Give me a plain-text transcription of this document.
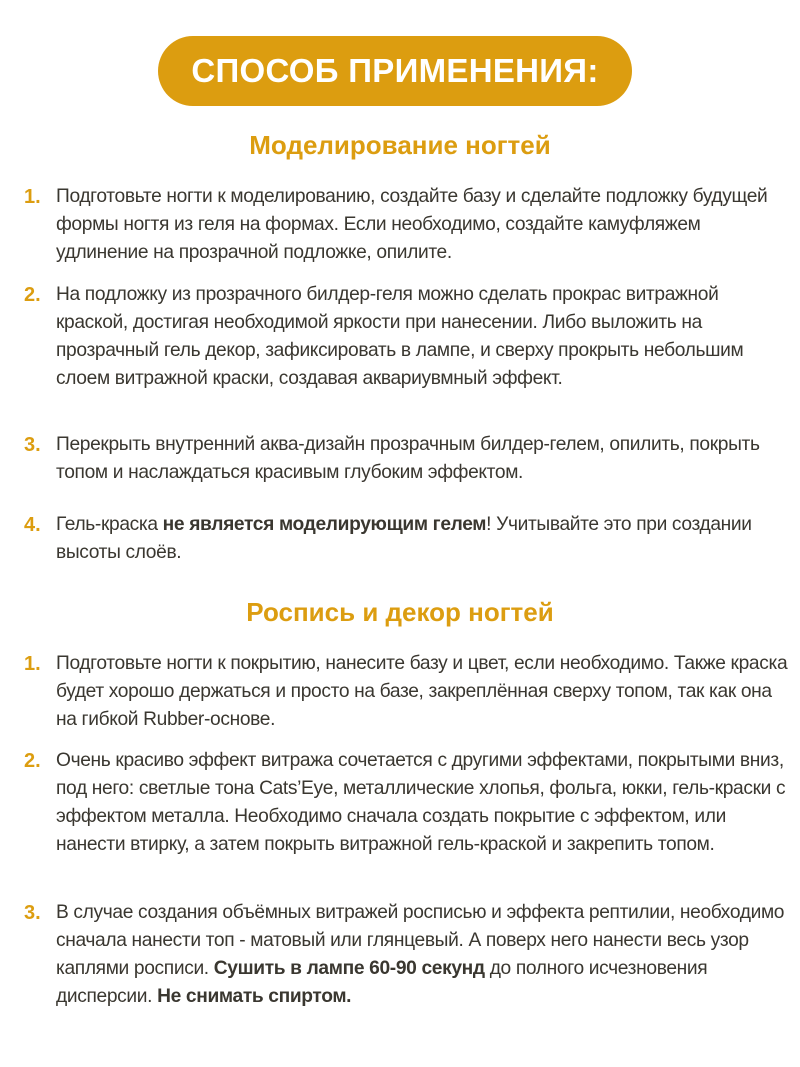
СПОСОБ ПРИМЕНЕНИЯ:
Моделирование ногтей
1. Подготовьте ногти к моделированию, создайте базу и сделайте подложку будущей формы ногтя из геля на формах. Если необходимо, создайте камуфляжем удлинение на прозрачной подложке, опилите.
2. На подложку из прозрачного билдер-геля можно сделать прокрас витражной краской, достигая необходимой яркости при нанесении. Либо выложить на прозрачный гель декор, зафиксировать в лампе, и сверху прокрыть небольшим слоем витражной краски, создавая аквариувмный эффект.
3. Перекрыть внутренний аква-дизайн прозрачным билдер-гелем, опилить, покрыть топом и наслаждаться красивым глубоким эффектом.
4. Гель-краска не является моделирующим гелем! Учитывайте это при создании высоты слоёв.
Роспись и декор ногтей
1. Подготовьте ногти к покрытию, нанесите базу и цвет, если необходимо. Также краска будет хорошо держаться и просто на базе, закреплённая сверху топом, так как она на гибкой Rubber-основе.
2. Очень красиво эффект витража сочетается с другими эффектами, покрытыми вниз, под него: светлые тона Cats’Eye, металлические хлопья, фольга, юкки, гель-краски с эффектом металла. Необходимо сначала создать покрытие с эффектом, или нанести втирку, а затем покрыть витражной гель-краской и закрепить топом.
3. В случае создания объёмных витражей росписью и эффекта рептилии, необходимо сначала нанести топ - матовый или глянцевый. А поверх него нанести весь узор каплями росписи. Сушить в лампе 60-90 секунд до полного исчезновения дисперсии. Не снимать спиртом.
